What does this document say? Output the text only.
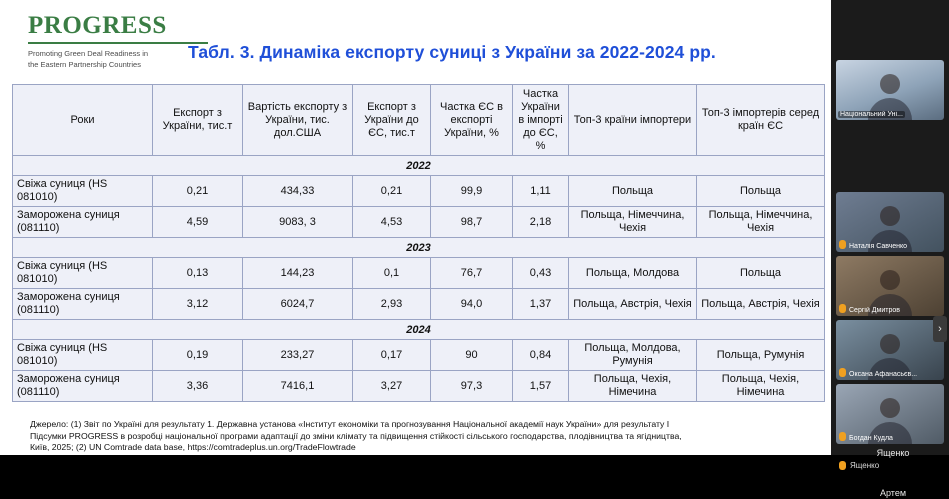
PROGRESS
Promoting Green Deal Readiness in
the Eastern Partnership Countries
Табл. 3. Динаміка експорту суниці з України за 2022-2024 рр.
Роки	Експорт з України, тис.т	Вартість експорту з України, тис. дол.США	Експорт з України до ЄС, тис.т	Частка ЄС в експорті України, %	Частка України в імпорті до ЄС, %	Топ-3 країни імпортери	Топ-3 імпортерів серед країн ЄС
2022							
Свіжа суниця (HS 081010)	0,21	434,33	0,21	99,9	1,11	Польща	Польща
Заморожена суниця (081110)	4,59	9083, 3	4,53	98,7	2,18	Польща, Німеччина, Чехія	Польща, Німеччина, Чехія
2023							
Свіжа суниця (HS 081010)	0,13	144,23	0,1	76,7	0,43	Польща, Молдова	Польща
Заморожена суниця (081110)	3,12	6024,7	2,93	94,0	1,37	Польща, Австрія, Чехія	Польща, Австрія, Чехія
2024							
Свіжа суниця (HS 081010)	0,19	233,27	0,17	90	0,84	Польща, Молдова, Румунія	Польща, Румунія
Заморожена суниця (081110)	3,36	7416,1	3,27	97,3	1,57	Польща, Чехія, Німечина	Польща, Чехія, Німечина
Джерело: (1) Звіт по Україні для результату 1. Державна установа «Інститут економіки та прогнозування Національної академії наук України» для результату І
Підсумки PROGRESS в розробці національної програми адаптації до зміни клімату та підвищення стійкості сільського господарства, плодівництва та ягідництва,
Київ, 2025; (2) UN Comtrade data base, https://comtradeplus.un.org/TradeFlowtrade
Національний Уні...
Наталія Савченко
Сергій Дмитров
Оксана Афанасьєв...
Богдан Кудла
Ященко
Ященко
Артем
›
